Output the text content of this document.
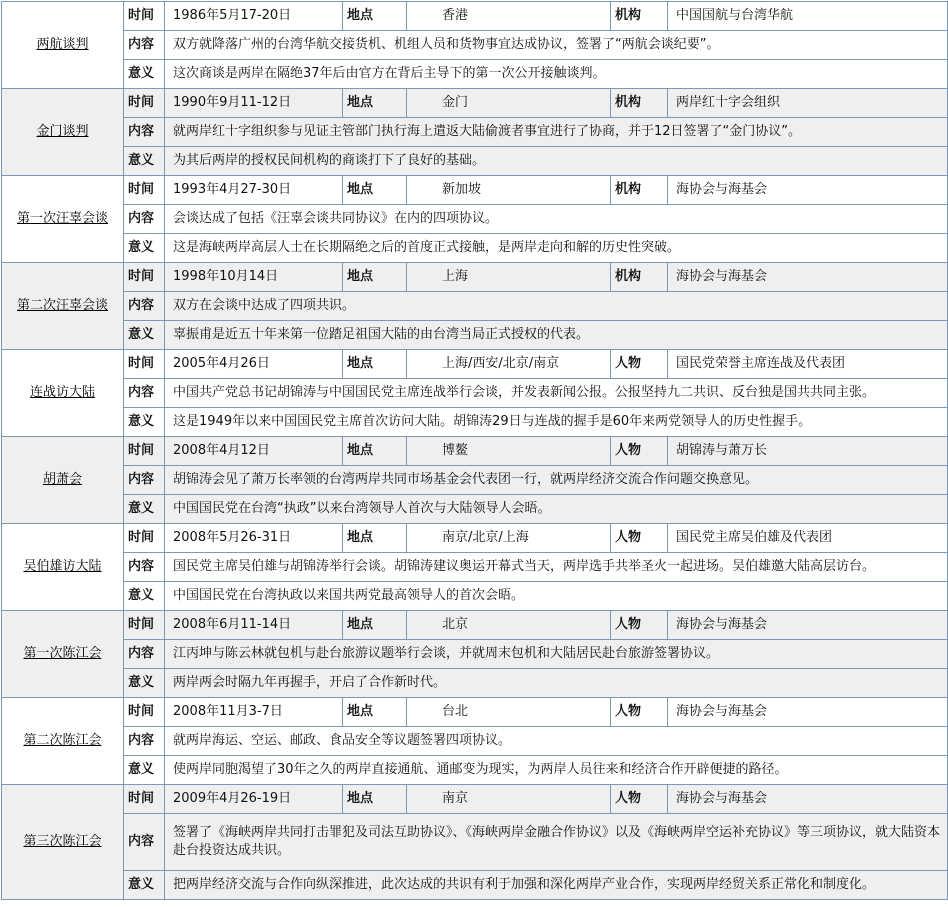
两航谈判	时间	1986年5月17-20日	地点	香港	机构	中国国航与台湾华航
	内容	双方就降落广州的台湾华航交接货机、机组人员和货物事宜达成协议，签署了“两航会谈纪要”。				
	意义	这次商谈是两岸在隔绝37年后由官方在背后主导下的第一次公开接触谈判。				
金门谈判	时间	1990年9月11-12日	地点	金门	机构	两岸红十字会组织
	内容	就两岸红十字组织参与见证主管部门执行海上遣返大陆偷渡者事宜进行了协商，并于12日签署了“金门协议”。				
	意义	为其后两岸的授权民间机构的商谈打下了良好的基础。				
第一次汪辜会谈	时间	1993年4月27-30日	地点	新加坡	机构	海协会与海基会
	内容	会谈达成了包括《汪辜会谈共同协议》在内的四项协议。				
	意义	这是海峡两岸高层人士在长期隔绝之后的首度正式接触，是两岸走向和解的历史性突破。				
第二次汪辜会谈	时间	1998年10月14日	地点	上海	机构	海协会与海基会
	内容	双方在会谈中达成了四项共识。				
	意义	辜振甫是近五十年来第一位踏足祖国大陆的由台湾当局正式授权的代表。				
连战访大陆	时间	2005年4月26日	地点	上海/西安/北京/南京	人物	国民党荣誉主席连战及代表团
	内容	中国共产党总书记胡锦涛与中国国民党主席连战举行会谈，并发表新闻公报。公报坚持九二共识、反台独是国共共同主张。				
	意义	这是1949年以来中国国民党主席首次访问大陆。胡锦涛29日与连战的握手是60年来两党领导人的历史性握手。				
胡萧会	时间	2008年4月12日	地点	博鳌	人物	胡锦涛与萧万长
	内容	胡锦涛会见了萧万长率领的台湾两岸共同市场基金会代表团一行，就两岸经济交流合作问题交换意见。				
	意义	中国国民党在台湾“执政”以来台湾领导人首次与大陆领导人会晤。				
吴伯雄访大陆	时间	2008年5月26-31日	地点	南京/北京/上海	人物	国民党主席吴伯雄及代表团
	内容	国民党主席吴伯雄与胡锦涛举行会谈。胡锦涛建议奥运开幕式当天，两岸选手共举圣火一起进场。吴伯雄邀大陆高层访台。				
	意义	中国国民党在台湾执政以来国共两党最高领导人的首次会晤。				
第一次陈江会	时间	2008年6月11-14日	地点	北京	人物	海协会与海基会
	内容	江丙坤与陈云林就包机与赴台旅游议题举行会谈，并就周末包机和大陆居民赴台旅游签署协议。				
	意义	两岸两会时隔九年再握手，开启了合作新时代。				
第二次陈江会	时间	2008年11月3-7日	地点	台北	人物	海协会与海基会
	内容	就两岸海运、空运、邮政、食品安全等议题签署四项协议。				
	意义	使两岸同胞渴望了30年之久的两岸直接通航、通邮变为现实，为两岸人员往来和经济合作开辟便捷的路径。				
第三次陈江会	时间	2009年4月26-19日	地点	南京	人物	海协会与海基会
	内容	签署了《海峡两岸共同打击罪犯及司法互助协议》、《海峡两岸金融合作协议》以及《海峡两岸空运补充协议》等三项协议，就大陆资本赴台投资达成共识。				
	意义	把两岸经济交流与合作向纵深推进，此次达成的共识有利于加强和深化两岸产业合作，实现两岸经贸关系正常化和制度化。				
